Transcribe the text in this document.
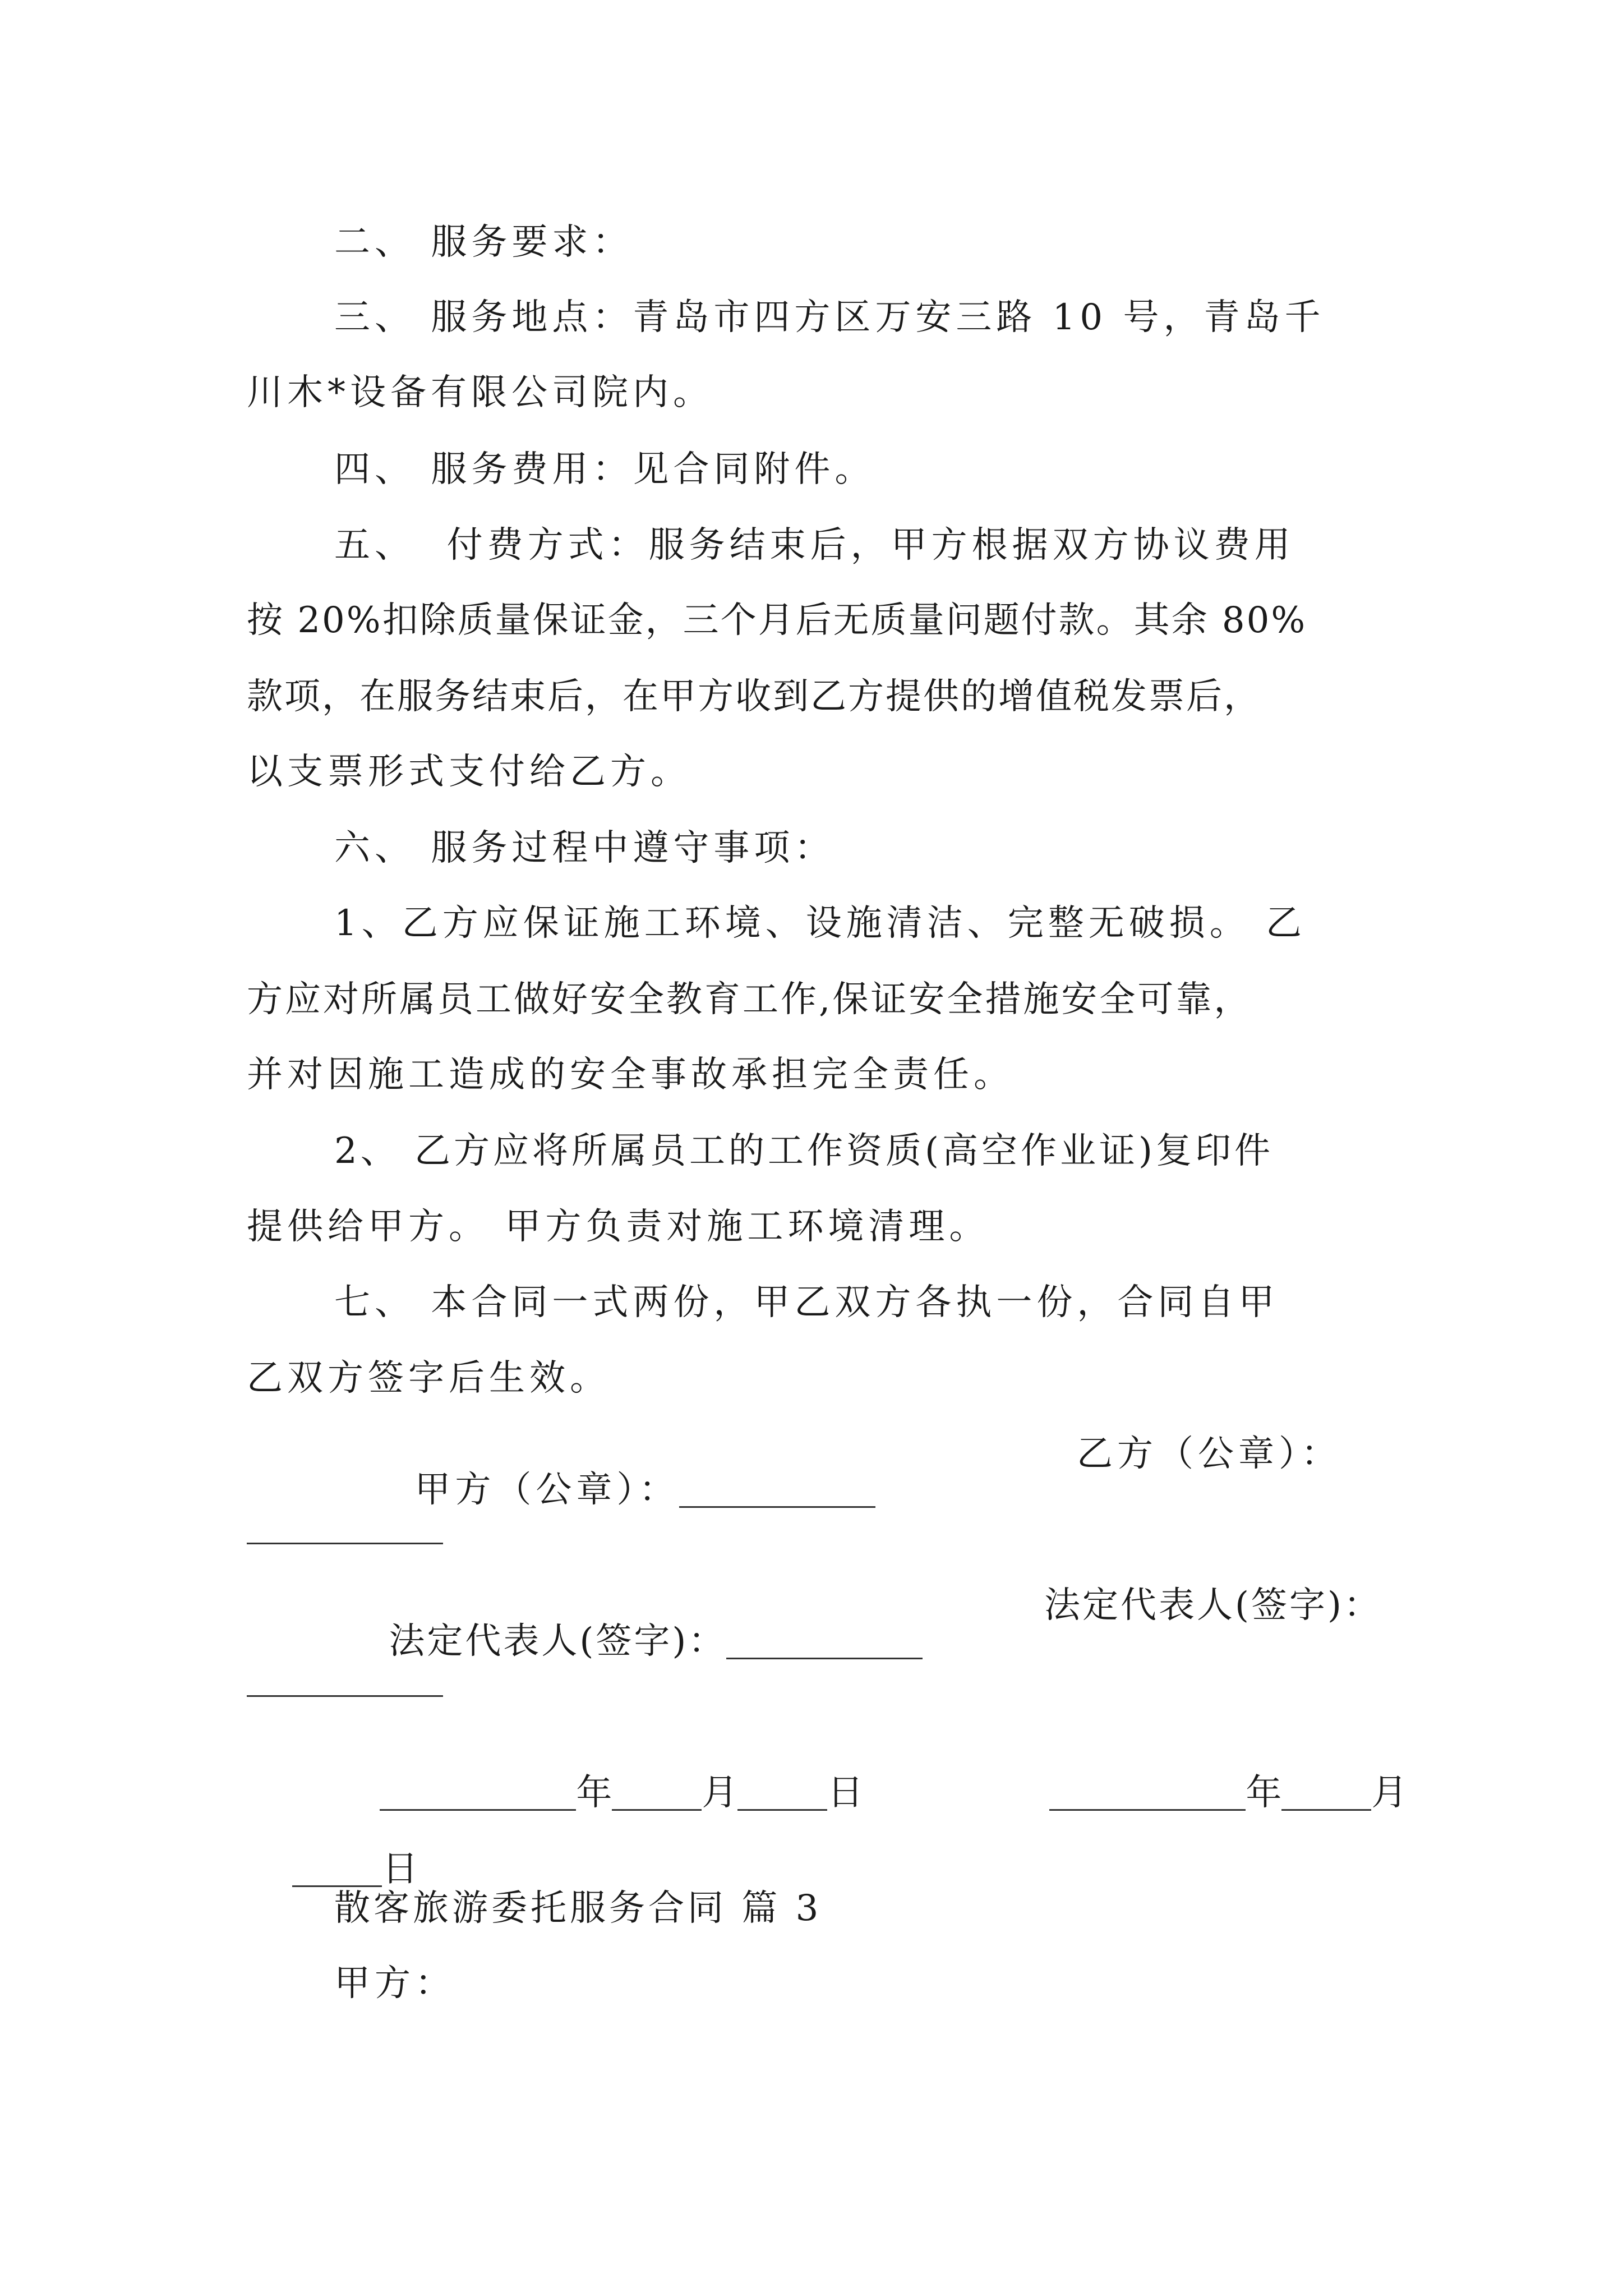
二、 服务要求：
三、 服务地点：青岛市四方区万安三路 10 号，青岛千
川木*设备有限公司院内。
四、 服务费用：见合同附件。
五、  付费方式：服务结束后，甲方根据双方协议费用
按 20%扣除质量保证金，三个月后无质量问题付款。其余 80%
款项，在服务结束后，在甲方收到乙方提供的增值税发票后，
以支票形式支付给乙方。
六、 服务过程中遵守事项：
1、乙方应保证施工环境、设施清洁、完整无破损。 乙
方应对所属员工做好安全教育工作,保证安全措施安全可靠，
并对因施工造成的安全事故承担完全责任。
2、 乙方应将所属员工的工作资质(高空作业证)复印件
提供给甲方。 甲方负责对施工环境清理。
七、 本合同一式两份，甲乙双方各执一份，合同自甲
乙双方签字后生效。

甲方（公章）：

乙方（公章）：

法定代表人(签字)：

法定代表人(签字)：

年	月	日
	年	月

日

散客旅游委托服务合同 篇 3
甲方：
